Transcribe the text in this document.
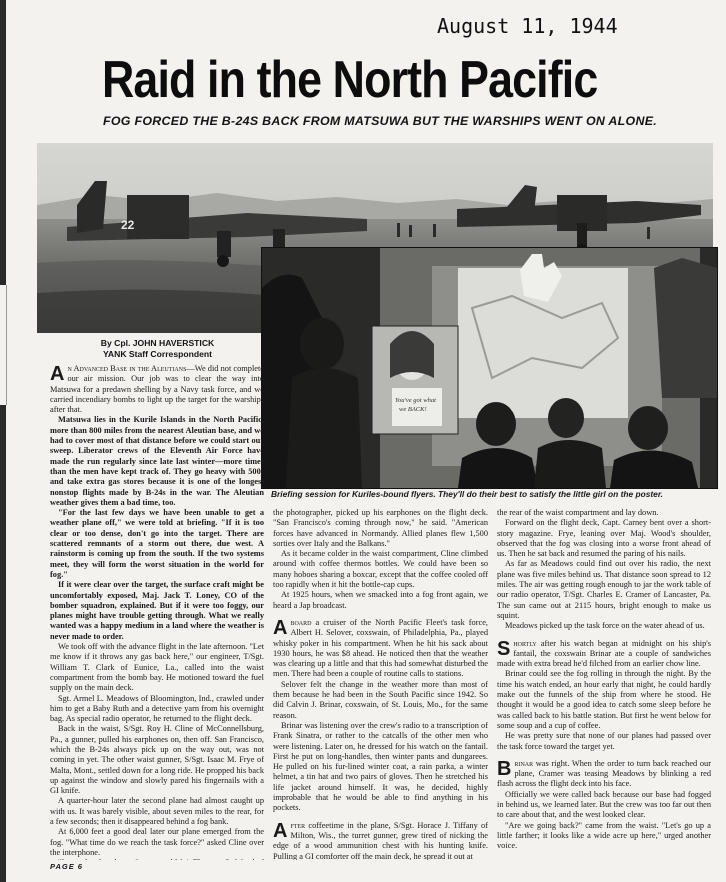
August 11, 1944
Raid in the North Pacific
FOG FORCED THE B-24S BACK FROM MATSUWA BUT THE WARSHIPS WENT ON ALONE.
22
You've got what we BACK!
Briefing session for Kuriles-bound flyers. They'll do their best to satisfy the little girl on the poster.
By Cpl. JOHN HAVERSTICK
YANK Staff Correspondent

An Advanced Base in the Aleutians—We did not complete our air mission. Our job was to clear the way into Matsuwa for a predawn shelling by a Navy task force, and we carried incendiary bombs to light up the target for the warships after that.

Matsuwa lies in the Kurile Islands in the North Pacific, more than 800 miles from the nearest Aleutian base, and we had to cover most of that distance before we could start our sweep. Liberator crews of the Eleventh Air Force have made the run regularly since late last winter—more times than the men have kept track of. They go heavy with 500s and take extra gas stores because it is one of the longest nonstop flights made by B-24s in the war. The Aleutian weather gives them a bad time, too.

"For the last few days we have been unable to get a weather plane off," we were told at briefing. "If it is too clear or too dense, don't go into the target. There are scattered remnants of a storm out there, due west. A rainstorm is coming up from the south. If the two systems meet, they will form the worst situation in the world for fog."

If it were clear over the target, the surface craft might be uncomfortably exposed, Maj. Jack T. Loney, CO of the bomber squadron, explained. But if it were too foggy, our planes might have trouble getting through. What we really wanted was a happy medium in a land where the weather is never made to order.

We took off with the advance flight in the late afternoon. "Let me know if it throws any gas back here," our engineer, T/Sgt. William T. Clark of Eunice, La., called into the waist compartment from the bomb bay. He motioned toward the fuel supply on the main deck.

Sgt. Armel L. Meadows of Bloomington, Ind., crawled under him to get a Baby Ruth and a detective yarn from his overnight bag. As special radio operator, he returned to the flight deck.

Back in the waist, S/Sgt. Roy H. Cline of McConnellsburg, Pa., a gunner, pulled his earphones on, then off. San Francisco, which the B-24s always pick up on the way out, was not coming in yet. The other waist gunner, S/Sgt. Isaac M. Frye of Malta, Mont., settled down for a long ride. He propped his back up against the window and slowly pared his fingernails with a GI knife.

A quarter-hour later the second plane had almost caught up with us. It was barely visible, about seven miles to the rear, for a few seconds; then it disappeared behind a fog bank.

At 6,000 feet a good deal later our plane emerged from the fog. "What time do we reach the task force?" asked Cline over the interphone.

the photographer, picked up his earphones on the flight deck. "San Francisco's coming through now," he said. "American forces have advanced in Normandy. Allied planes flew 1,500 sorties over Italy and the Balkans."

As it became colder in the waist compartment, Cline climbed around with coffee thermos bottles. We could have been so many hoboes sharing a boxcar, except that the coffee cooled off too rapidly when it hit the bottle-cap cups.

At 1925 hours, when we smacked into a fog front again, we heard a Jap broadcast.

Aboard a cruiser of the North Pacific Fleet's task force, Albert H. Selover, coxswain, of Philadelphia, Pa., played whisky poker in his compartment. When he hit his sack about 1930 hours, he was $8 ahead. He noticed then that the weather was clearing up a little and that this had somewhat disturbed the men. There had been a couple of routine calls to stations.

Selover felt the change in the weather more than most of them because he had been in the South Pacific since 1942. So did Calvin J. Brinar, coxswain, of St. Louis, Mo., for the same reason.

Brinar was listening over the crew's radio to a transcription of Frank Sinatra, or rather to the catcalls of the other men who were listening. Later on, he dressed for his watch on the fantail. First he put on long-handles, then winter pants and dungarees. He pulled on his fur-lined winter coat, a rain parka, a winter helmet, a tin hat and two pairs of gloves. Then he stretched his life jacket around himself. It was, he decided, highly improbable that he would be able to find anything in his pockets.

After coffeetime in the plane, S/Sgt. Horace J. Tiffany of Milton, Wis., the turret gunner, grew tired of nicking the edge of a wood ammunition chest with his hunting knife. Pulling a GI comforter off the main deck, he spread it out at

the rear of the waist compartment and lay down.

Forward on the flight deck, Capt. Carney bent over a short-story magazine. Frye, leaning over Maj. Wood's shoulder, observed that the fog was closing into a worse front ahead of us. Then he sat back and resumed the paring of his nails.

As far as Meadows could find out over his radio, the next plane was five miles behind us. That distance soon spread to 12 miles. The air was getting rough enough to jar the work table of our radio operator, T/Sgt. Charles E. Cramer of Lancaster, Pa. The sun came out at 2115 hours, bright enough to make us squint.

Meadows picked up the task force on the water ahead of us.

Shortly after his watch began at midnight on his ship's fantail, the coxswain Brinar ate a couple of sandwiches made with extra bread he'd filched from an earlier chow line.

Brinar could see the fog rolling in through the night. By the time his watch ended, an hour early that night, he could hardly make out the funnels of the ship from where he stood. He thought it would be a good idea to catch some sleep before he was called back to his battle station. But first he went below for some soup and a cup of coffee.

He was pretty sure that none of our planes had passed over the task force toward the target yet.

Brinar was right. When the order to turn back reached our plane, Cramer was teasing Meadows by blinking a red flash across the flight deck into his face.

Officially we were called back because our base had fogged in behind us, we learned later. But the crew was too far out then to care about that, and the west looked clear.

"Are we going back?" came from the waist. "Let's go up a little farther; it looks like a wide acre up here," urged another voice.

PAGE 6
